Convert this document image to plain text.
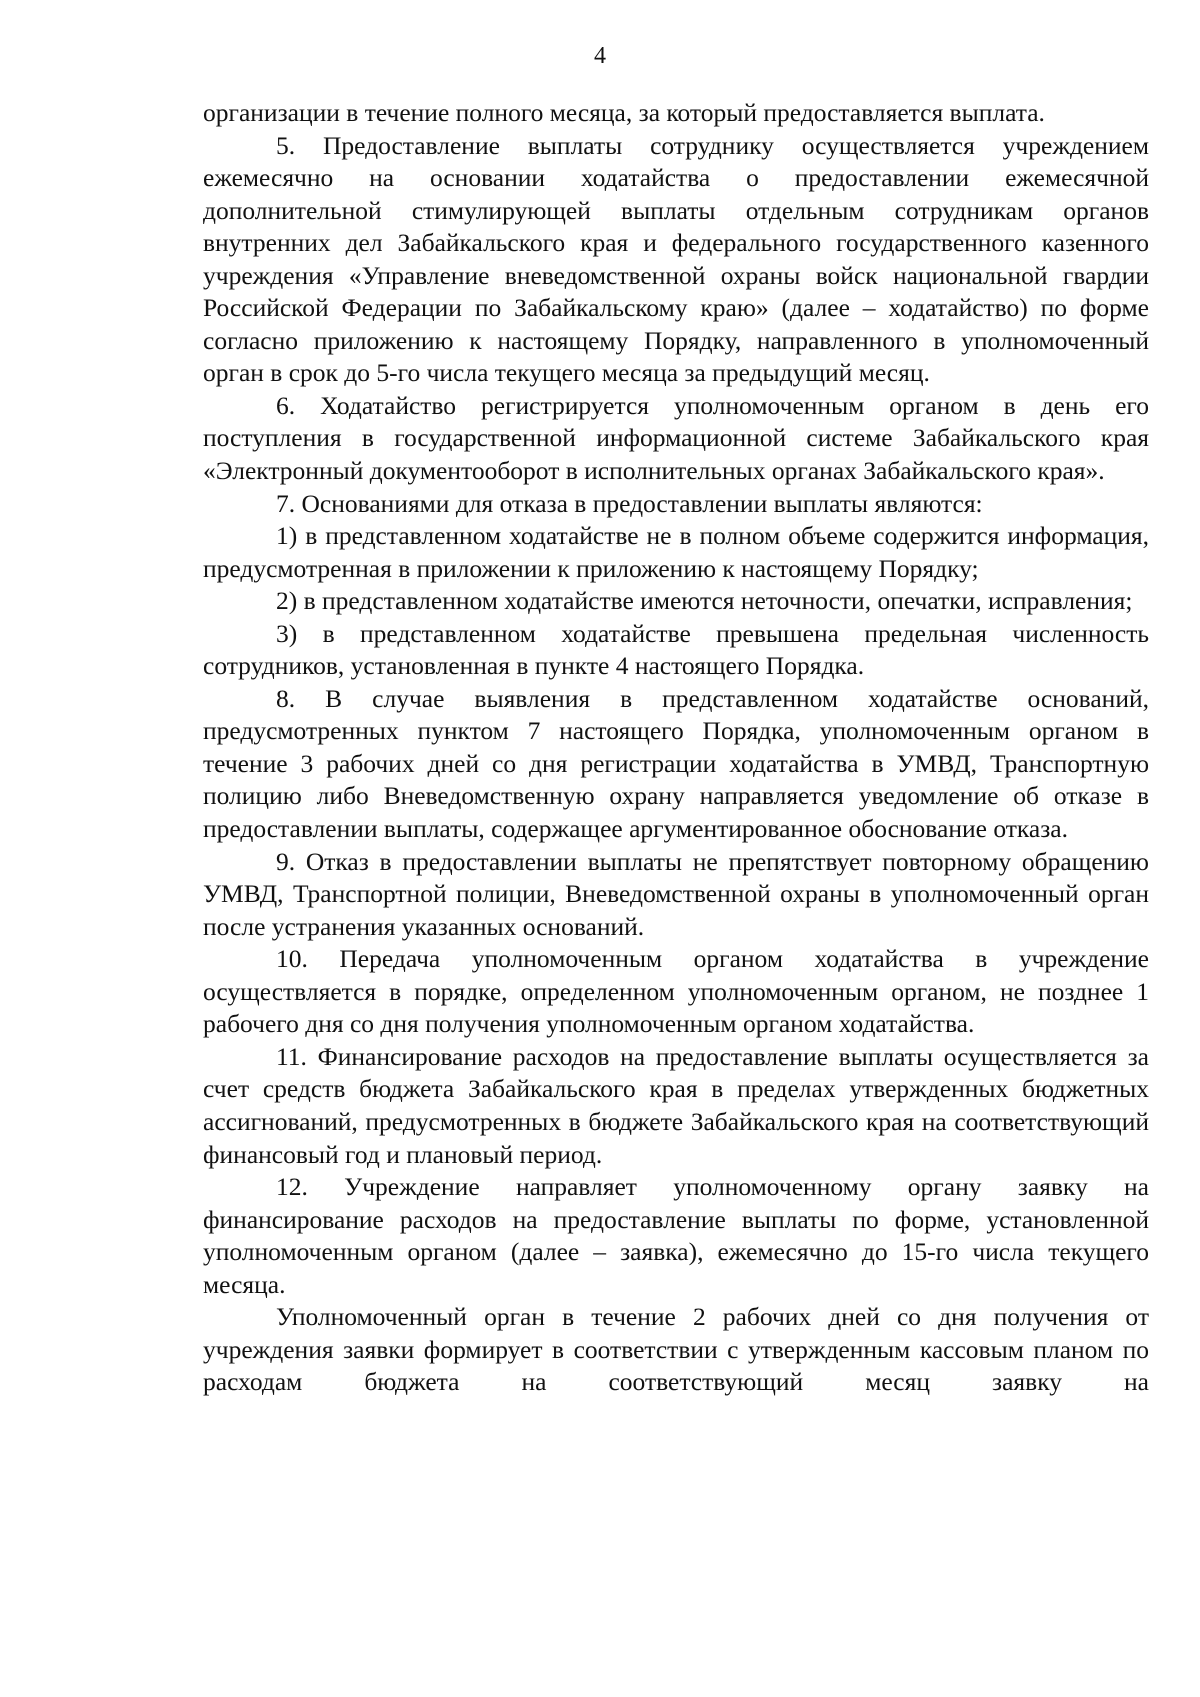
4

организации в течение полного месяца, за который предоставляется выплата.

5. Предоставление выплаты сотруднику осуществляется учреждением ежемесячно на основании ходатайства о предоставлении ежемесячной дополнительной стимулирующей выплаты отдельным сотрудникам органов внутренних дел Забайкальского края и федерального государственного казенного учреждения «Управление вневедомственной охраны войск национальной гвардии Российской Федерации по Забайкальскому краю» (далее – ходатайство) по форме согласно приложению к настоящему Порядку, направленного в уполномоченный орган в срок до 5-го числа текущего месяца за предыдущий месяц.

6. Ходатайство регистрируется уполномоченным органом в день его поступления в государственной информационной системе Забайкальского края «Электронный документооборот в исполнительных органах Забайкальского края».

7. Основаниями для отказа в предоставлении выплаты являются:

1) в представленном ходатайстве не в полном объеме содержится информация, предусмотренная в приложении к приложению к настоящему Порядку;

2) в представленном ходатайстве имеются неточности, опечатки, исправления;

3) в представленном ходатайстве превышена предельная численность сотрудников, установленная в пункте 4 настоящего Порядка.

8. В случае выявления в представленном ходатайстве оснований, предусмотренных пунктом 7 настоящего Порядка, уполномоченным органом в течение 3 рабочих дней со дня регистрации ходатайства в УМВД, Транспортную полицию либо Вневедомственную охрану направляется уведомление об отказе в предоставлении выплаты, содержащее аргументированное обоснование отказа.

9. Отказ в предоставлении выплаты не препятствует повторному обращению УМВД, Транспортной полиции, Вневедомственной охраны в уполномоченный орган после устранения указанных оснований.

10. Передача уполномоченным органом ходатайства в учреждение осуществляется в порядке, определенном уполномоченным органом, не позднее 1 рабочего дня со дня получения уполномоченным органом ходатайства.

11. Финансирование расходов на предоставление выплаты осуществляется за счет средств бюджета Забайкальского края в пределах утвержденных бюджетных ассигнований, предусмотренных в бюджете Забайкальского края на соответствующий финансовый год и плановый период.

12. Учреждение направляет уполномоченному органу заявку на финансирование расходов на предоставление выплаты по форме, установленной уполномоченным органом (далее – заявка), ежемесячно до 15-го числа текущего месяца.

Уполномоченный орган в течение 2 рабочих дней со дня получения от учреждения заявки формирует в соответствии с утвержденным кассовым планом по расходам бюджета на соответствующий месяц заявку на
